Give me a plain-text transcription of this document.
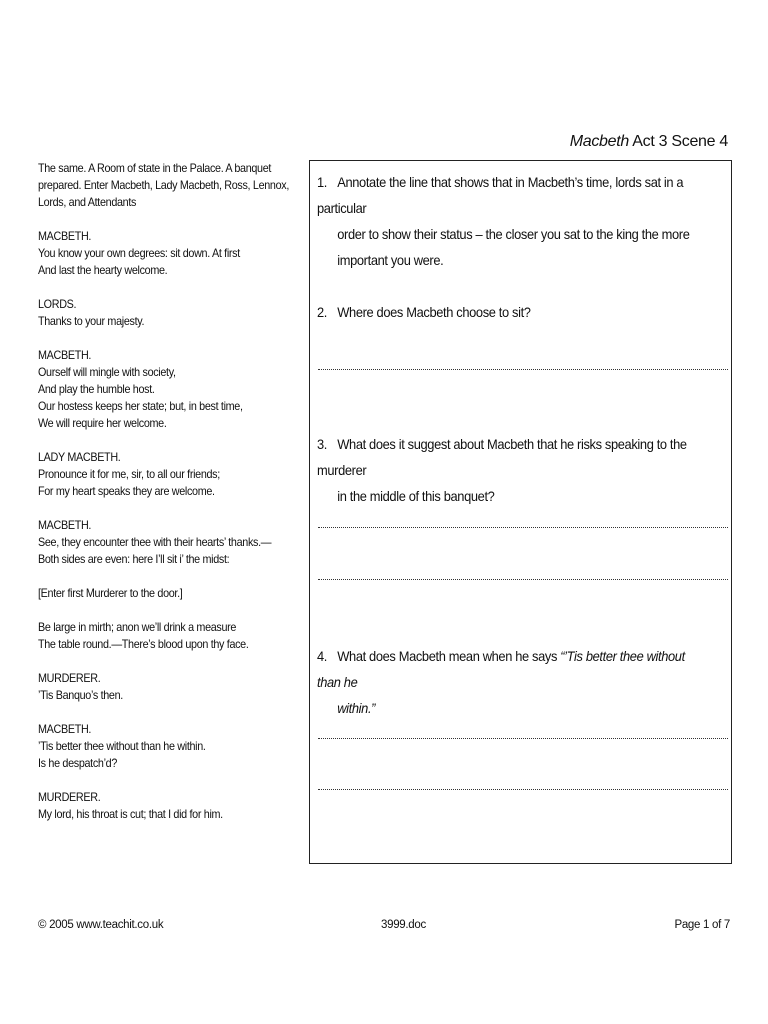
Macbeth Act 3 Scene 4
The same. A Room of state in the Palace. A banquet
prepared. Enter Macbeth, Lady Macbeth, Ross, Lennox,
Lords, and Attendants
MACBETH.
You know your own degrees: sit down. At first
And last the hearty welcome.
LORDS.
Thanks to your majesty.
MACBETH.
Ourself will mingle with society,
And play the humble host.
Our hostess keeps her state; but, in best time,
We will require her welcome.
LADY MACBETH.
Pronounce it for me, sir, to all our friends;
For my heart speaks they are welcome.
MACBETH.
See, they encounter thee with their hearts’ thanks.—
Both sides are even: here I’ll sit i’ the midst:
[Enter first Murderer to the door.]
Be large in mirth; anon we’ll drink a measure
The table round.—There’s blood upon thy face.
MURDERER.
’Tis Banquo’s then.
MACBETH.
’Tis better thee without than he within.
Is he despatch’d?
MURDERER.
My lord, his throat is cut; that I did for him.
1. Annotate the line that shows that in Macbeth’s time, lords sat in a particular
order to show their status – the closer you sat to the king the more
important you were.
2. Where does Macbeth choose to sit?
3. What does it suggest about Macbeth that he risks speaking to the murderer
in the middle of this banquet?
4. What does Macbeth mean when he says “’Tis better thee without than he
within.”
© 2005 www.teachit.co.uk	3999.doc	Page 1 of 7
